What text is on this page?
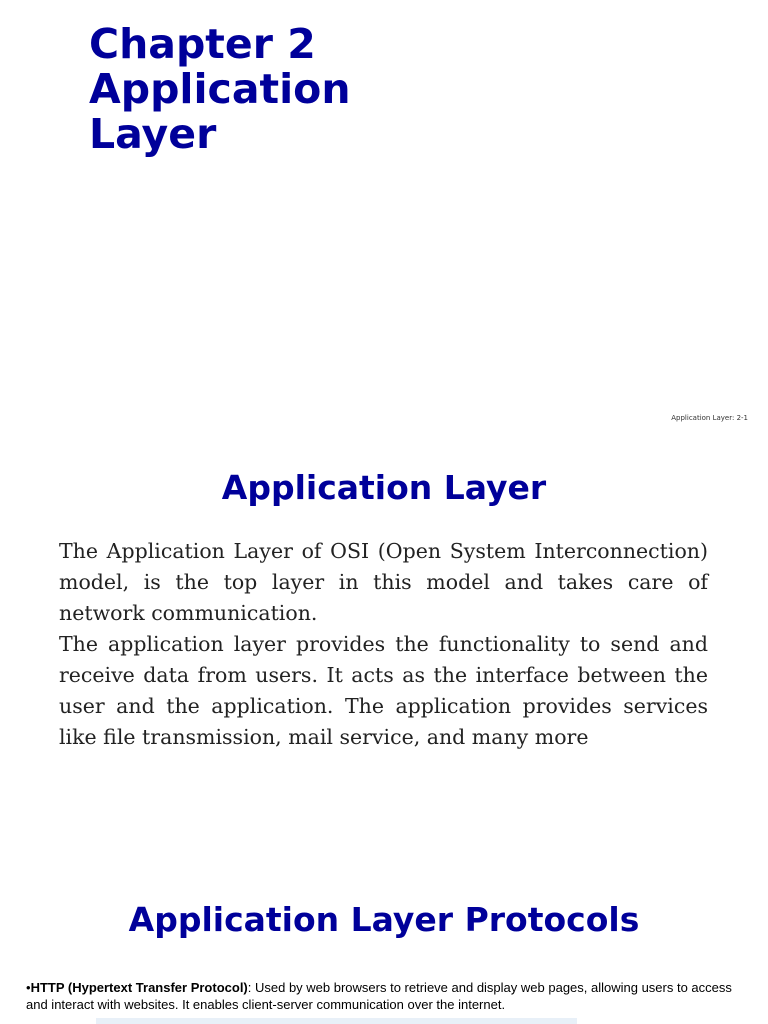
Chapter 2
Application
Layer
Application Layer: 2-1
Application Layer

The Application Layer of OSI (Open System Interconnection) model, is the top layer in this model and takes care of network communication.

The application layer provides the functionality to send and receive data from users. It acts as the interface between the user and the application. The application provides services like file transmission, mail service, and many more

Application Layer Protocols
•HTTP (Hypertext Transfer Protocol): Used by web browsers to retrieve and display web pages, allowing users to access and interact with websites. It enables client-server communication over the internet.
